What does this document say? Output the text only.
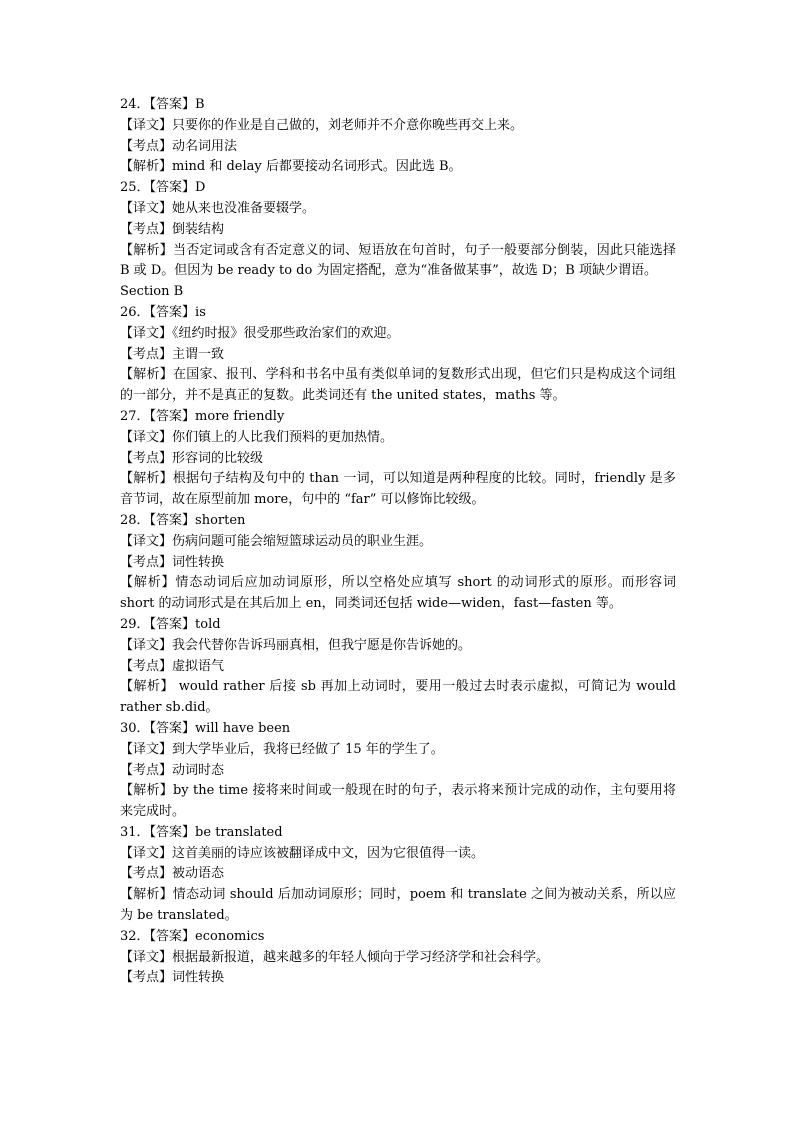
24．【答案】B
【译文】只要你的作业是自己做的，刘老师并不介意你晚些再交上来。
【考点】动名词用法
【解析】mind 和 delay 后都要接动名词形式。因此选 B。
25．【答案】D
【译文】她从来也没准备要辍学。
【考点】倒装结构
【解析】当否定词或含有否定意义的词、短语放在句首时，句子一般要部分倒装，因此只能选择 B 或 D。但因为 be ready to do 为固定搭配，意为“准备做某事”，故选 D；B 项缺少谓语。
Section B
26．【答案】is
【译文】《纽约时报》很受那些政治家们的欢迎。
【考点】主谓一致
【解析】在国家、报刊、学科和书名中虽有类似单词的复数形式出现，但它们只是构成这个词组的一部分，并不是真正的复数。此类词还有 the united states，maths 等。
27．【答案】more friendly
【译文】你们镇上的人比我们预料的更加热情。
【考点】形容词的比较级
【解析】根据句子结构及句中的 than 一词，可以知道是两种程度的比较。同时，friendly 是多音节词，故在原型前加 more，句中的 “far” 可以修饰比较级。
28．【答案】shorten
【译文】伤病问题可能会缩短篮球运动员的职业生涯。
【考点】词性转换
【解析】情态动词后应加动词原形，所以空格处应填写 short 的动词形式的原形。而形容词 short 的动词形式是在其后加上 en，同类词还包括 wide—widen，fast—fasten 等。
29．【答案】told
【译文】我会代替你告诉玛丽真相，但我宁愿是你告诉她的。
【考点】虚拟语气
【解析】 would rather 后接 sb 再加上动词时，要用一般过去时表示虚拟，可简记为 would rather sb.did。
30．【答案】will have been
【译文】到大学毕业后，我将已经做了 15 年的学生了。
【考点】动词时态
【解析】by the time 接将来时间或一般现在时的句子，表示将来预计完成的动作，主句要用将来完成时。
31．【答案】be translated
【译文】这首美丽的诗应该被翻译成中文，因为它很值得一读。
【考点】被动语态
【解析】情态动词 should 后加动词原形；同时，poem 和 translate 之间为被动关系，所以应为 be translated。
32．【答案】economics
【译文】根据最新报道，越来越多的年轻人倾向于学习经济学和社会科学。
【考点】词性转换
